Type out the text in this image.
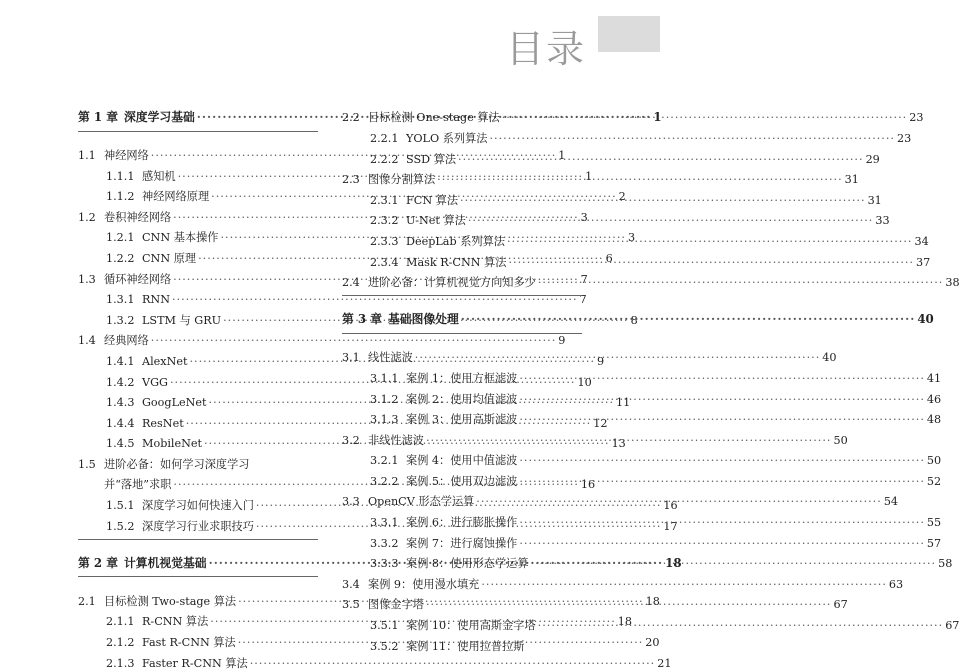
目录
第 1 章 深度学习基础 ·····	1
1.1 神经网络 ·····	1
1.1.1 感知机 ·····	1
1.1.2 神经网络原理 ·····	2
1.2 卷积神经网络 ·····	3
1.2.1 CNN 基本操作 ·····	3
1.2.2 CNN 原理 ·····	6
1.3 循环神经网络 ·····	7
1.3.1 RNN ·····	7
1.3.2 LSTM 与 GRU ·····	8
1.4 经典网络 ·····	9
1.4.1 AlexNet ·····	9
1.4.2 VGG ·····	10
1.4.3 GoogLeNet ·····	11
1.4.4 ResNet ·····	12
1.4.5 MobileNet ·····	13
1.5 进阶必备：如何学习深度学习
并“落地”求职 ·····	16
1.5.1 深度学习如何快速入门 ·····	16
1.5.2 深度学习行业求职技巧 ·····	17
第 2 章 计算机视觉基础 ·····	18
2.1 目标检测 Two-stage 算法 ·····	18
2.1.1 R-CNN 算法 ·····	18
2.1.2 Fast R-CNN 算法 ·····	20
2.1.3 Faster R-CNN 算法 ·····	21
2.2 目标检测 One-stage 算法 ·····	23
2.2.1 YOLO 系列算法 ·····	23
2.2.2 SSD 算法 ·····	29
2.3 图像分割算法 ·····	31
2.3.1 FCN 算法 ·····	31
2.3.2 U-Net 算法 ·····	33
2.3.3 DeepLab 系列算法 ·····	34
2.3.4 Mask R-CNN 算法 ·····	37
2.4 进阶必备：计算机视觉方向知多少 ·····	38
第 3 章 基础图像处理 ·····	40
3.1 线性滤波 ·····	40
3.1.1 案例 1：使用方框滤波 ·····	41
3.1.2 案例 2：使用均值滤波 ·····	46
3.1.3 案例 3：使用高斯滤波 ·····	48
3.2 非线性滤波 ·····	50
3.2.1 案例 4：使用中值滤波 ·····	50
3.2.2 案例 5：使用双边滤波 ·····	52
3.3 OpenCV 形态学运算 ·····	54
3.3.1 案例 6：进行膨胀操作 ·····	55
3.3.2 案例 7：进行腐蚀操作 ·····	57
3.3.3 案例 8：使用形态学运算 ·····	58
3.4 案例 9：使用漫水填充 ·····	63
3.5 图像金字塔 ·····	67
3.5.1 案例 10：使用高斯金字塔 ·····	67
3.5.2 案例 11：使用拉普拉斯
